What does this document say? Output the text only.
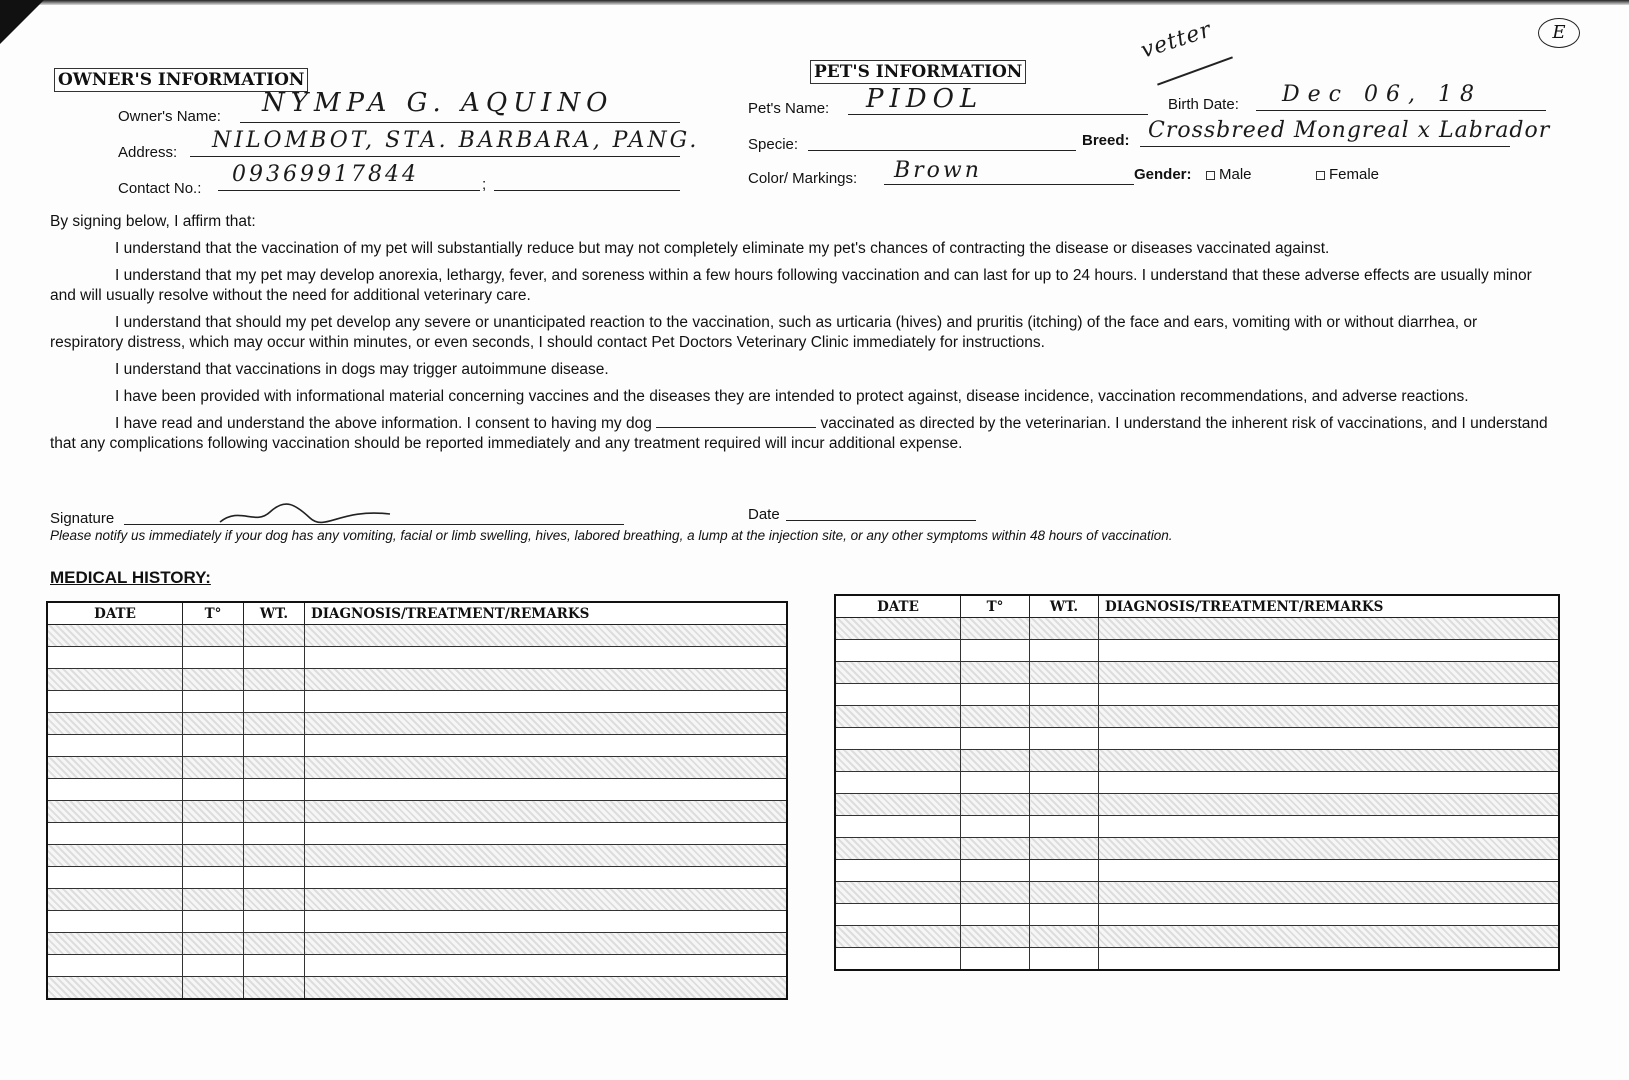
OWNER'S INFORMATION
Owner's Name: NYMPA G. AQUINO
Address: NILOMBOT, STA. BARBARA, PANG.
Contact No.:	;
09369917844
PET'S INFORMATION
vetter	E
Pet's Name: PIDOL	Birth Date: Dec 06, 18
Specie:	Breed: Crossbreed Mongreal x Labrador
Color/ Markings: Brown	Gender:	Male	Female

By signing below, I affirm that:

I understand that the vaccination of my pet will substantially reduce but may not completely eliminate my pet's chances of contracting the disease or diseases vaccinated against.

I understand that my pet may develop anorexia, lethargy, fever, and soreness within a few hours following vaccination and can last for up to 24 hours. I understand that these adverse effects are usually minor and will usually resolve without the need for additional veterinary care.

I understand that should my pet develop any severe or unanticipated reaction to the vaccination, such as urticaria (hives) and pruritis (itching) of the face and ears, vomiting with or without diarrhea, or respiratory distress, which may occur within minutes, or even seconds, I should contact Pet Doctors Veterinary Clinic immediately for instructions.

I understand that vaccinations in dogs may trigger autoimmune disease.

I have been provided with informational material concerning vaccines and the diseases they are intended to protect against, disease incidence, vaccination recommendations, and adverse reactions.

I have read and understand the above information. I consent to having my dog	vaccinated as directed by the veterinarian. I understand the inherent risk of vaccinations, and I understand that any complications following vaccination should be reported immediately and any treatment required will incur additional expense.

Signature	Date
Please notify us immediately if your dog has any vomiting, facial or limb swelling, hives, labored breathing, a lump at the injection site, or any other symptoms within 48 hours of vaccination.
MEDICAL HISTORY:
DATE	T°	WT.	DIAGNOSIS/TREATMENT/REMARKS

				DATE	T°	WT.	DIAGNOSIS/TREATMENT/REMARKS
